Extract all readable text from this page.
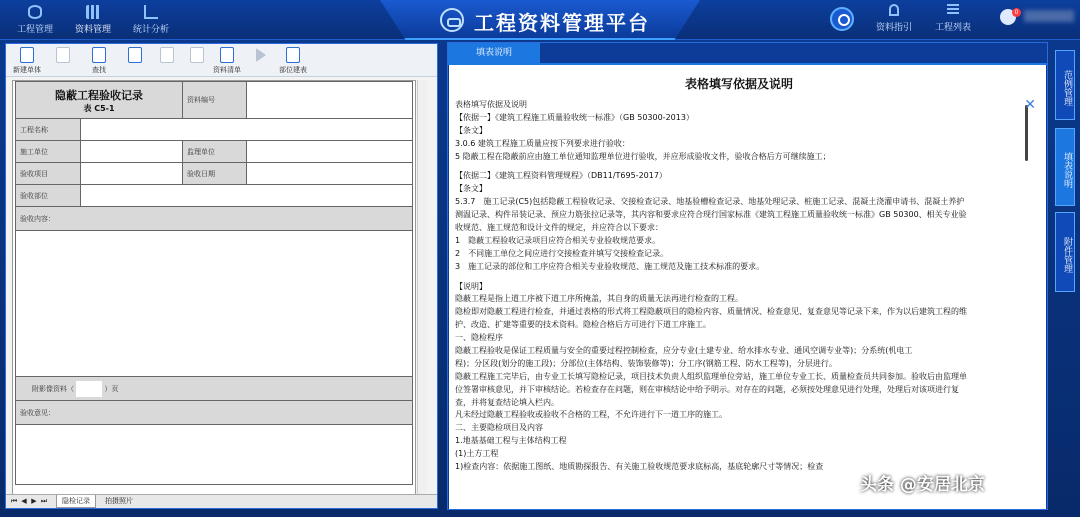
工程管理	资料管理	统计分析	工程资料管理平台	资料指引	工程列表
0
新建单体	查找	资料清单	部位建表
隐蔽工程验收记录
表 C5-1		资料编号	

工程名称			
施工单位		监理单位	
验收项目		验收日期	
验收部位			
验收内容：			

附影像资料（ ）页			
验收意见：			

⏮ ◀ ▶ ⏭	隐检记录	拍摄照片
填表说明
✕
表格填写依据及说明
表格填写依据及说明
【依据一】《建筑工程施工质量验收统一标准》（GB 50300-2013）
【条文】
3.0.6 建筑工程施工质量应按下列要求进行验收：
5 隐蔽工程在隐蔽前应由施工单位通知监理单位进行验收，并应形成验收文件，验收合格后方可继续施工；
【依据二】《建筑工程资料管理规程》（DB11/T695-2017）
【条文】
5.3.7　施工记录(C5)包括隐蔽工程验收记录、交接检查记录、地基验槽检查记录、地基处理记录、桩施工记录、混凝土浇灌申请书、混凝土养护
测温记录、构件吊装记录、预应力筋张拉记录等，其内容和要求应符合现行国家标准《建筑工程施工质量验收统一标准》GB 50300、相关专业验
收规范、施工规范和设计文件的规定，并应符合以下要求：
1　隐蔽工程验收记录项目应符合相关专业验收规范要求。
2　不同施工单位之间应进行交接检查并填写交接检查记录。
3　施工记录的部位和工序应符合相关专业验收规范、施工规范及施工技术标准的要求。
【说明】
隐蔽工程是指上道工序被下道工序所掩盖，其自身的质量无法再进行检查的工程。
隐检即对隐蔽工程进行检查，并通过表格的形式将工程隐蔽项目的隐检内容、质量情况、检查意见、复查意见等记录下来，作为以后建筑工程的维
护、改造、扩建等重要的技术资料。隐检合格后方可进行下道工序施工。
一、隐检程序
隐蔽工程验收是保证工程质量与安全的重要过程控制检查，应分专业(土建专业、给水排水专业、通风空调专业等)；分系统(机电工
程)；分区段(划分的施工段)；分部位(主体结构、装饰装修等)；分工序(钢筋工程、防水工程等)，分层进行。
隐蔽工程施工完毕后，由专业工长填写隐检记录，项目技术负责人组织监理单位旁站，施工单位专业工长、质量检查员共同参加。验收后由监理单
位签署审核意见，并下审核结论。若检查存在问题，则在审核结论中给予明示。对存在的问题，必须按处理意见进行处理，处理后对该项进行复
查，并将复查结论填入栏内。
凡未经过隐蔽工程验收或验收不合格的工程，不允许进行下一道工序的施工。
二、主要隐检项目及内容
1.地基基础工程与主体结构工程
(1)土方工程
1)检查内容：依据施工图纸、地质勘探报告、有关施工验收规范要求底标高，基底轮廓尺寸等情况；检查
范例管理
填表说明
附件管理
头条 @安居北京
